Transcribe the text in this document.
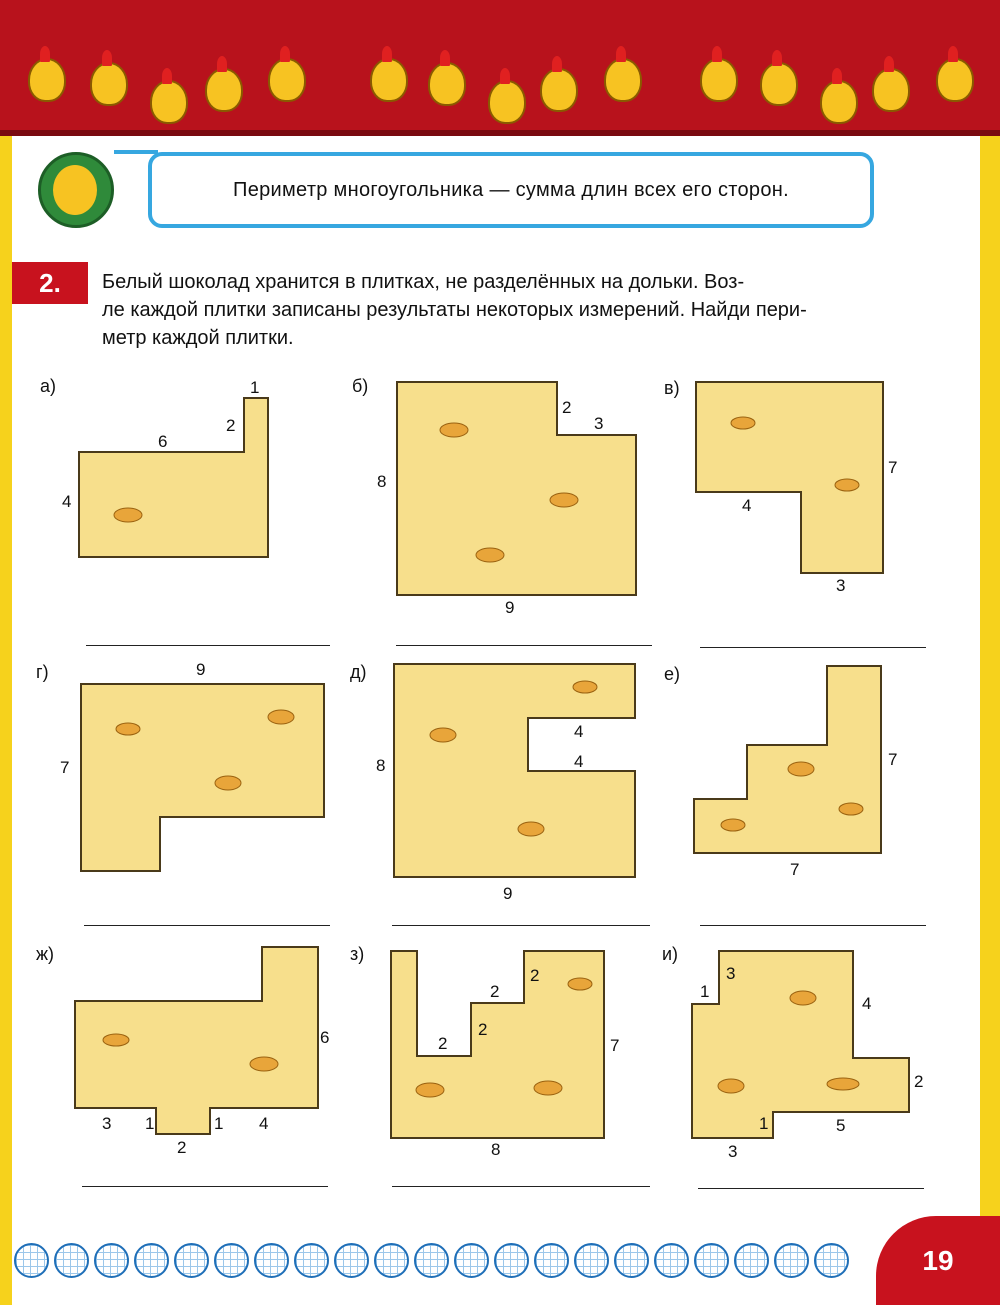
Периметр многоугольника — сумма длин всех его сторон.
2.	Белый шоколад хранится в плитках, не разделённых на дольки. Воз-
ле каждой плитки записаны результаты некоторых измерений. Найди пери-
метр каждой плитки.
а)	1
2
6
4
б)
2
3
8
9
в)
7
4
3
г)	9
7
д)
4
4
8
9
е)
7
7
ж)
6
3 1
2
1 4
з)
2
2
2
2	7
8
и)
1
3
4
2
1	5
3
19
